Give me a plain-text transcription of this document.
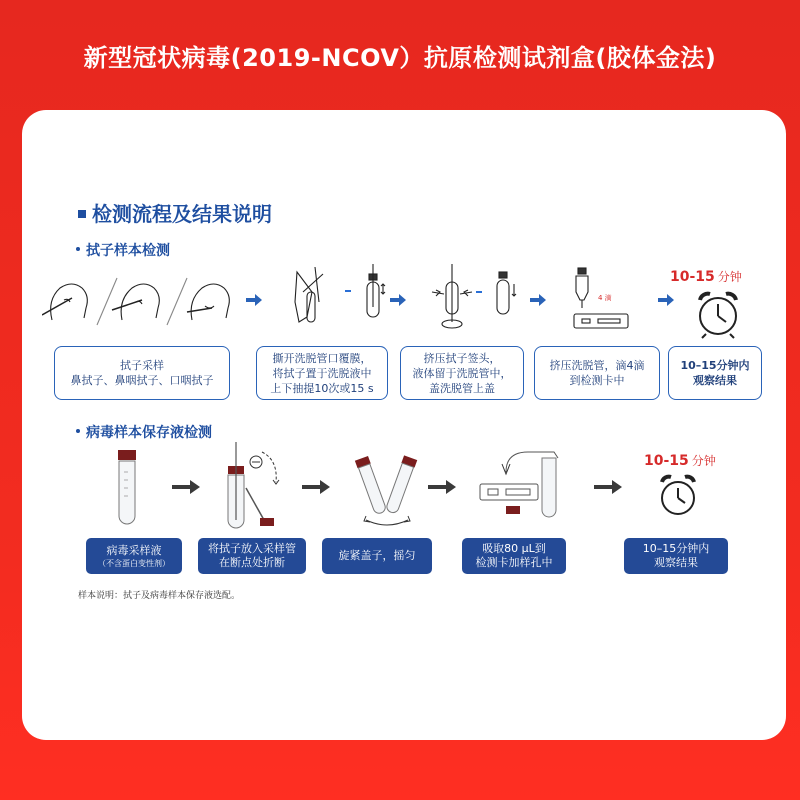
新型冠状病毒(2019-NCOV）抗原检测试剂盒(胶体金法)
检测流程及结果说明
拭子样本检测
4 滴
10-15 分钟
拭子采样
鼻拭子、鼻咽拭子、口咽拭子
撕开洗脱管口覆膜，
将拭子置于洗脱液中
上下抽提10次或15 s
挤压拭子签头，
液体留于洗脱管中，
盖洗脱管上盖
挤压洗脱管，滴4滴
到检测卡中
10–15分钟内
观察结果
病毒样本保存液检测
10-15 分钟
病毒采样液
（不含蛋白变性剂）
将拭子放入采样管
在断点处折断
旋紧盖子，摇匀
吸取80 μL到
检测卡加样孔中
10–15分钟内
观察结果
样本说明：拭子及病毒样本保存液选配。
